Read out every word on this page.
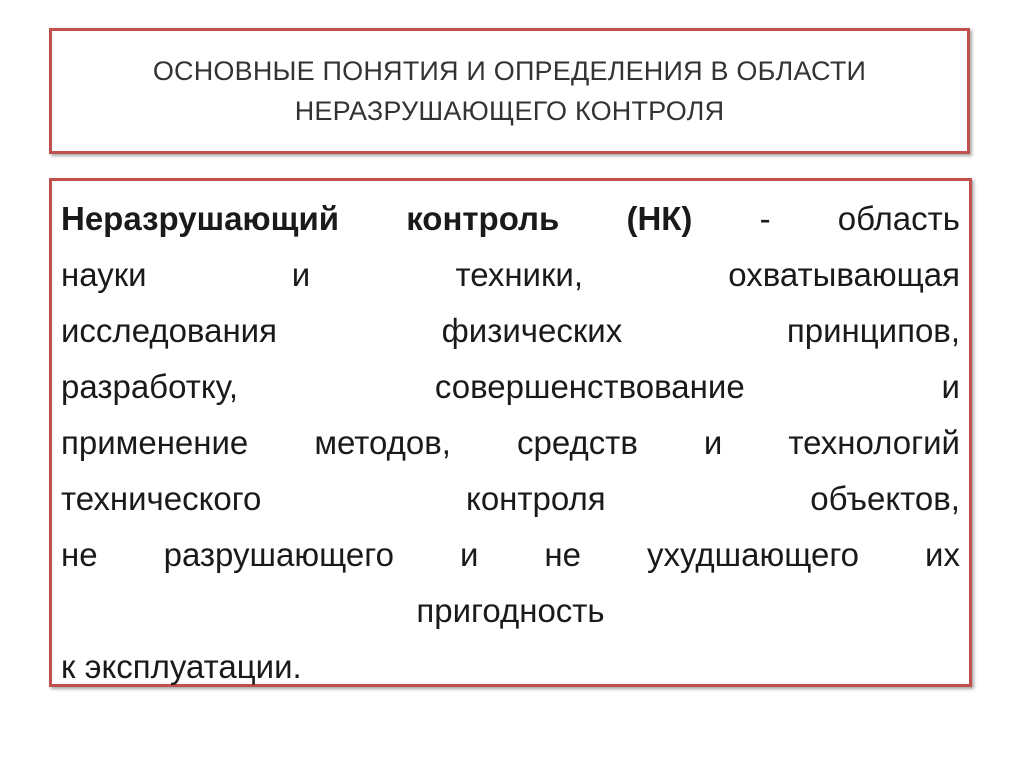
ОСНОВНЫЕ ПОНЯТИЯ И ОПРЕДЕЛЕНИЯ В ОБЛАСТИ
НЕРАЗРУШАЮЩЕГО КОНТРОЛЯ
Неразрушающий контроль (НК) - область
науки	и	техники,	охватывающая
исследования	физических	принципов,
разработку,	совершенствование	и
применение методов, средств и технологий
технического	контроля	объектов,
не разрушающего и не ухудшающего их
пригодность
к эксплуатации.
